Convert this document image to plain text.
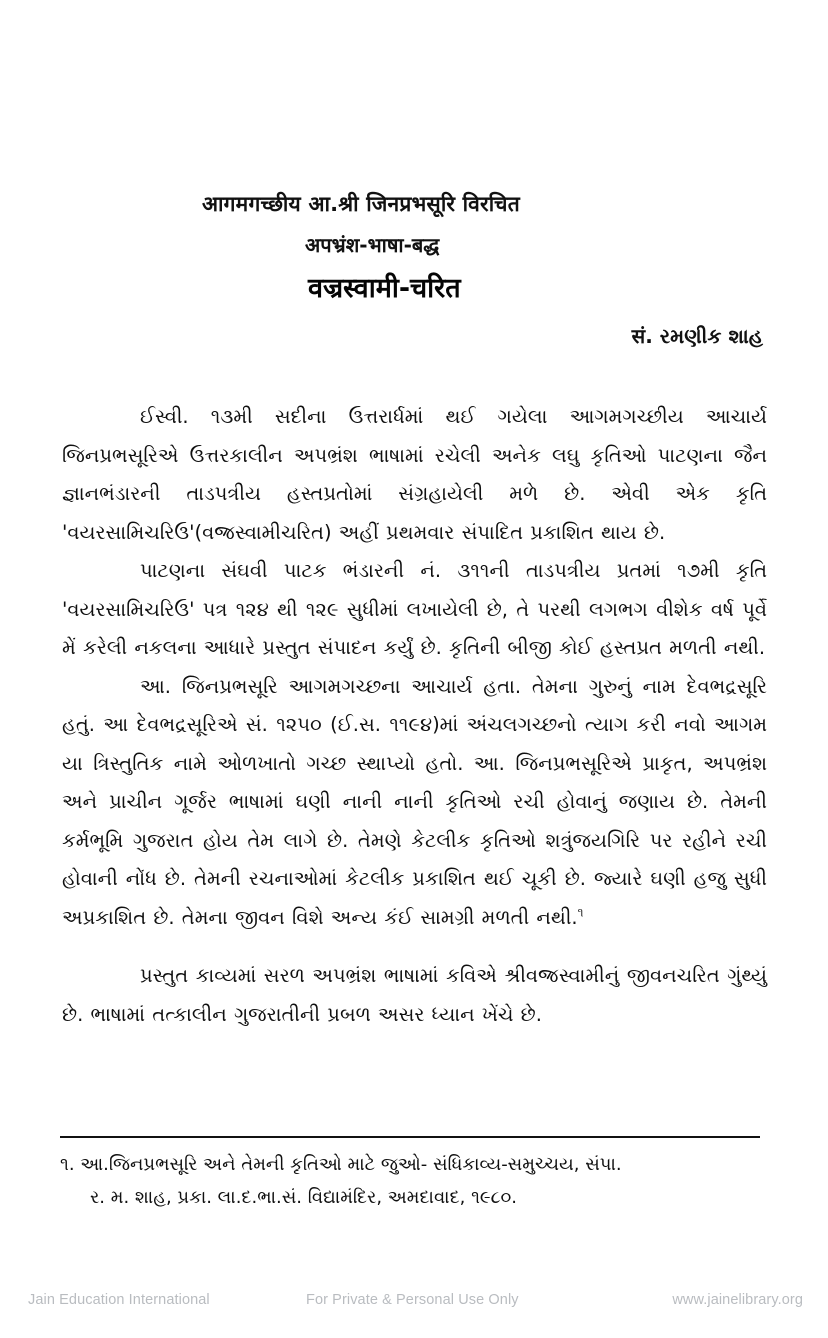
आगमगच्छीय आ.श्री जिनप्रभसूरि विरचित
अपभ्रंश-भाषा-बद्ध
वज्रस्वामी-चरित
सं. રમણીક શાહ

ઈસ્વી. ૧૩મી સદીના ઉત્તરાર્ધમાં થઈ ગયેલા આગમગચ્છીય આચાર્ય જિનપ્રભસૂરિએ ઉત્તરકાલીન અપભ્રંશ ભાષામાં રચેલી અનેક લઘુ કૃતિઓ પાટણના જૈન જ્ઞાનભંડારની તાડપત્રીય હસ્તપ્રતોમાં સંગ્રહાયેલી મળે છે. એવી એક કૃતિ 'વયરસામિચરિઉ'(વજ્રસ્વામીચરિત) અહીં પ્રથમવાર સંપાદિત પ્રકાશિત થાય છે.

પાટણના સંઘવી પાટક ભંડારની નં. ૩૧૧ની તાડપત્રીય પ્રતમાં ૧૭મી કૃતિ 'વયરસામિચરિઉ' પત્ર ૧૨૪ થી ૧૨૯ સુધીમાં લખાયેલી છે, તે પરથી લગભગ વીશેક વર્ષ પૂર્વે મેં કરેલી નકલના આધારે પ્રસ્તુત સંપાદન કર્યું છે. કૃતિની બીજી કોઈ હસ્તપ્રત મળતી નથી.

આ. જિનપ્રભસૂરિ આગમગચ્છના આચાર્ય હતા. તેમના ગુરુનું નામ દેવભદ્રસૂરિ હતું. આ દેવભદ્રસૂરિએ સં. ૧૨૫૦ (ઈ.સ. ૧૧૯૪)માં અંચલગચ્છનો ત્યાગ કરી નવો આગમ યા ત્રિસ્તુતિક નામે ઓળખાતો ગચ્છ સ્થાપ્યો હતો. આ. જિનપ્રભસૂરિએ પ્રાકૃત, અપભ્રંશ અને પ્રાચીન ગૂર્જર ભાષામાં ઘણી નાની નાની કૃતિઓ રચી હોવાનું જણાય છે. તેમની કર્મભૂમિ ગુજરાત હોય તેમ લાગે છે. તેમણે કેટલીક કૃતિઓ શત્રુંજયગિરિ પર રહીને રચી હોવાની નોંધ છે. તેમની રચનાઓમાં કેટલીક પ્રકાશિત થઈ ચૂકી છે. જ્યારે ઘણી હજુ સુધી અપ્રકાશિત છે. તેમના જીવન વિશે અન્ય કંઈ સામગ્રી મળતી નથી.$^૧$

પ્રસ્તુત કાવ્યમાં સરળ અપભ્રંશ ભાષામાં કવિએ શ્રીવજ્રસ્વામીનું જીવનચરિત ગુંથ્યું છે. ભાષામાં તત્કાલીન ગુજરાતીની પ્રબળ અસર ધ્યાન ખેંચે છે.

૧. આ.જિનપ્રભસૂરિ અને તેમની કૃતિઓ માટે જુઓ- સંધિકાવ્ય-સમુચ્ચય, સંપા.
ર. મ. શાહ, પ્રકા. લા.દ.ભા.સં. વિદ્યામંદિર, અમદાવાદ, ૧૯૮૦.
Jain Education International	For Private & Personal Use Only	www.jainelibrary.org
